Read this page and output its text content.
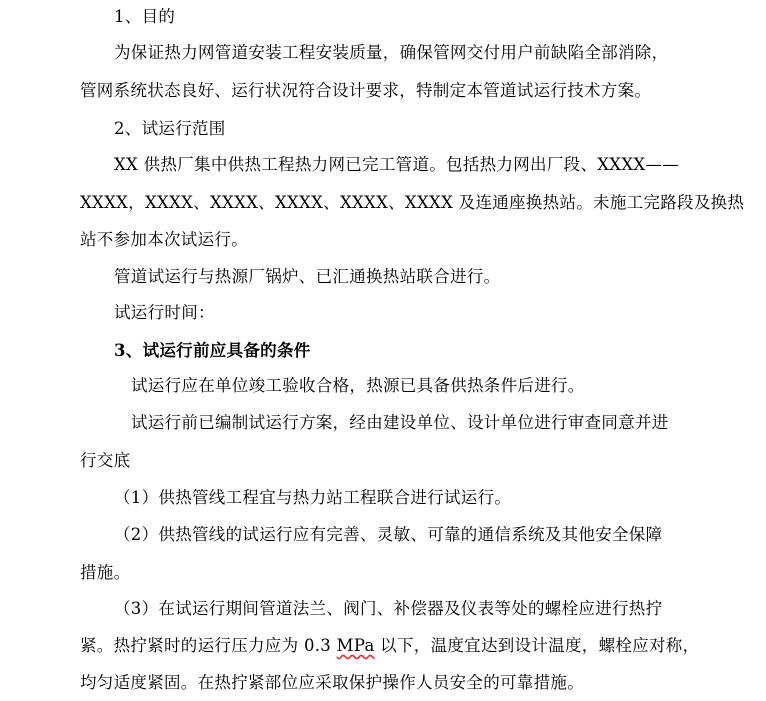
1、目的
为保证热力网管道安装工程安装质量，确保管网交付用户前缺陷全部消除，
管网系统状态良好、运行状况符合设计要求，特制定本管道试运行技术方案。
2、试运行范围
XX 供热厂集中供热工程热力网已完工管道。包括热力网出厂段、XXXX——
XXXX，XXXX、XXXX、XXXX、XXXX、XXXX 及连通座换热站。未施工完路段及换热
站不参加本次试运行。
管道试运行与热源厂锅炉、已汇通换热站联合进行。
试运行时间：
3、试运行前应具备的条件
试运行应在单位竣工验收合格，热源已具备供热条件后进行。
试运行前已编制试运行方案，经由建设单位、设计单位进行审查同意并进
行交底
（1）供热管线工程宜与热力站工程联合进行试运行。
（2）供热管线的试运行应有完善、灵敏、可靠的通信系统及其他安全保障
措施。
（3）在试运行期间管道法兰、阀门、补偿器及仪表等处的螺栓应进行热拧
紧。热拧紧时的运行压力应为 0.3 MPa 以下，温度宜达到设计温度，螺栓应对称，
均匀适度紧固。在热拧紧部位应采取保护操作人员安全的可靠措施。
